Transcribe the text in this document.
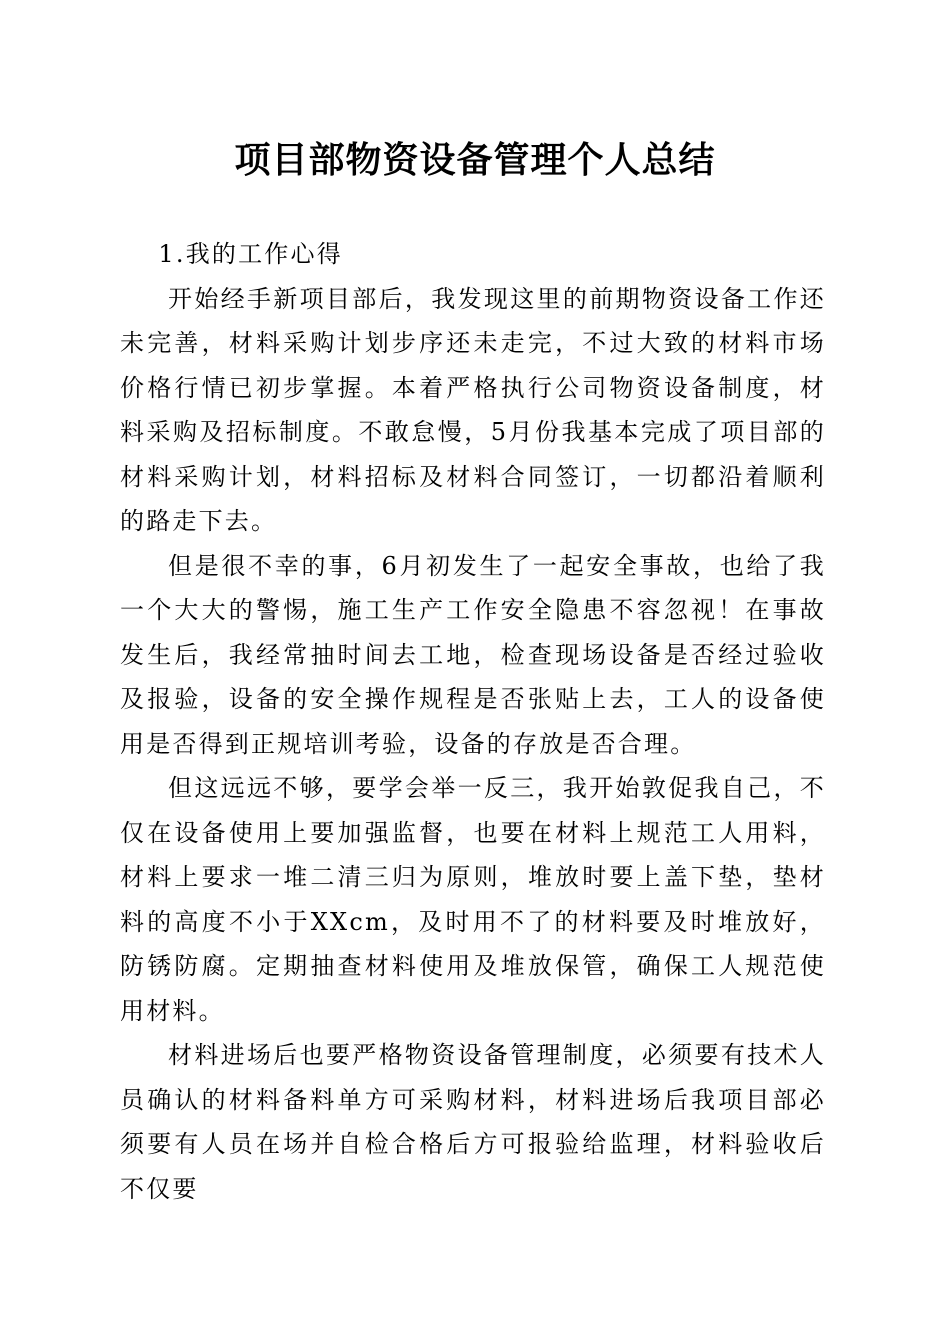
项目部物资设备管理个人总结

1.我的工作心得

开始经手新项目部后，我发现这里的前期物资设备工作还未完善，材料采购计划步序还未走完，不过大致的材料市场价格行情已初步掌握。本着严格执行公司物资设备制度，材料采购及招标制度。不敢怠慢，5月份我基本完成了项目部的材料采购计划，材料招标及材料合同签订，一切都沿着顺利的路走下去。

但是很不幸的事，6月初发生了一起安全事故，也给了我一个大大的警惕，施工生产工作安全隐患不容忽视！在事故发生后，我经常抽时间去工地，检查现场设备是否经过验收及报验，设备的安全操作规程是否张贴上去，工人的设备使用是否得到正规培训考验，设备的存放是否合理。

但这远远不够，要学会举一反三，我开始敦促我自己，不仅在设备使用上要加强监督，也要在材料上规范工人用料，材料上要求一堆二清三归为原则，堆放时要上盖下垫，垫材料的高度不小于XXcm，及时用不了的材料要及时堆放好，防锈防腐。定期抽查材料使用及堆放保管，确保工人规范使用材料。

材料进场后也要严格物资设备管理制度，必须要有技术人员确认的材料备料单方可采购材料，材料进场后我项目部必须要有人员在场并自检合格后方可报验给监理，材料验收后不仅要
